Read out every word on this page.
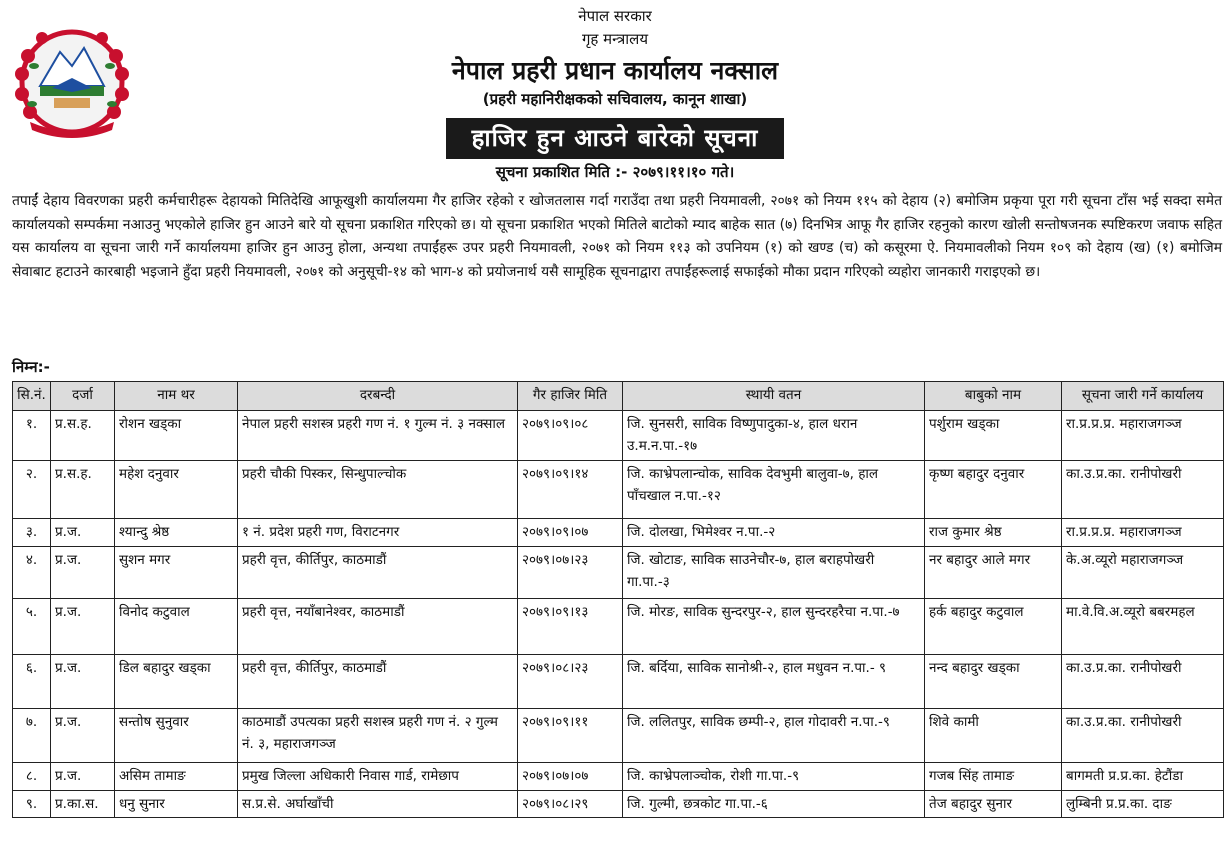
नेपाल सरकार
गृह मन्त्रालय
नेपाल प्रहरी प्रधान कार्यालय नक्साल
(प्रहरी महानिरीक्षकको सचिवालय, कानून शाखा)
हाजिर हुन आउने बारेको सूचना
सूचना प्रकाशित मिति :- २०७९।११।१० गते।

तपाईं देहाय विवरणका प्रहरी कर्मचारीहरू देहायको मितिदेखि आफूखुशी कार्यालयमा गैर हाजिर रहेको र खोजतलास गर्दा गराउँदा तथा प्रहरी नियमावली, २०७१ को नियम ११५ को देहाय (२) बमोजिम प्रकृया पूरा गरी सूचना टाँस भई सक्दा समेत कार्यालयको सम्पर्कमा नआउनु भएकोले हाजिर हुन आउने बारे यो सूचना प्रकाशित गरिएको छ। यो सूचना प्रकाशित भएको मितिले बाटोको म्याद बाहेक सात (७) दिनभित्र आफू गैर हाजिर रहनुको कारण खोली सन्तोषजनक स्पष्टिकरण जवाफ सहित यस कार्यालय वा सूचना जारी गर्ने कार्यालयमा हाजिर हुन आउनु होला, अन्यथा तपाईंहरू उपर प्रहरी नियमावली, २०७१ को नियम ११३ को उपनियम (१) को खण्ड (च) को कसूरमा ऐ. नियमावलीको नियम १०९ को देहाय (ख) (१) बमोजिम सेवाबाट हटाउने कारबाही भइजाने हुँदा प्रहरी नियमावली, २०७१ को अनुसूची-१४ को भाग-४ को प्रयोजनार्थ यसै सामूहिक सूचनाद्वारा तपाईंहरूलाई सफाईको मौका प्रदान गरिएको व्यहोरा जानकारी गराइएको छ।

निम्न:-
सि.नं.	दर्जा	नाम थर	दरबन्दी	गैर हाजिर मिति	स्थायी वतन	बाबुको नाम	सूचना जारी गर्ने कार्यालय
१.	प्र.स.ह.	रोशन खड्का	नेपाल प्रहरी सशस्त्र प्रहरी गण नं. १ गुल्म नं. ३ नक्साल	२०७९।०९।०८	जि. सुनसरी, साविक विष्णुपादुका-४, हाल धरान उ.म.न.पा.-१७	पर्शुराम खड्का	रा.प्र.प्र.प्र. महाराजगञ्ज
२.	प्र.स.ह.	महेश दनुवार	प्रहरी चौकी पिस्कर, सिन्धुपाल्चोक	२०७९।०९।१४	जि. काभ्रेपलान्चोक, साविक देवभुमी बालुवा-७, हाल पाँचखाल न.पा.-१२	कृष्ण बहादुर दनुवार	का.उ.प्र.का. रानीपोखरी
३.	प्र.ज.	श्यान्दु श्रेष्ठ	१ नं. प्रदेश प्रहरी गण, विराटनगर	२०७९।०९।०७	जि. दोलखा, भिमेश्वर न.पा.-२	राज कुमार श्रेष्ठ	रा.प्र.प्र.प्र. महाराजगञ्ज
४.	प्र.ज.	सुशन मगर	प्रहरी वृत्त, कीर्तिपुर, काठमाडौं	२०७९।०७।२३	जि. खोटाङ, साविक साउनेचौर-७, हाल बराहपोखरी गा.पा.-३	नर बहादुर आले मगर	के.अ.व्यूरो महाराजगञ्ज
५.	प्र.ज.	विनोद कटुवाल	प्रहरी वृत्त, नयाँबानेश्वर, काठमाडौं	२०७९।०९।१३	जि. मोरङ, साविक सुन्दरपुर-२, हाल सुन्दरहरैचा न.पा.-७	हर्क बहादुर कटुवाल	मा.वे.वि.अ.व्यूरो बबरमहल
६.	प्र.ज.	डिल बहादुर खड्का	प्रहरी वृत्त, कीर्तिपुर, काठमाडौं	२०७९।०८।२३	जि. बर्दिया, साविक सानोश्री-२, हाल मधुवन न.पा.- ९	नन्द बहादुर खड्का	का.उ.प्र.का. रानीपोखरी
७.	प्र.ज.	सन्तोष सुनुवार	काठमाडौं उपत्यका प्रहरी सशस्त्र प्रहरी गण नं. २ गुल्म नं. ३, महाराजगञ्ज	२०७९।०९।११	जि. ललितपुर, साविक छम्पी-२, हाल गोदावरी न.पा.-९	शिवे कामी	का.उ.प्र.का. रानीपोखरी
८.	प्र.ज.	असिम तामाङ	प्रमुख जिल्ला अधिकारी निवास गार्ड, रामेछाप	२०७९।०७।०७	जि. काभ्रेपलाञ्चोक, रोशी गा.पा.-९	गजब सिंह तामाङ	बागमती प्र.प्र.का. हेटौंडा
९.	प्र.का.स.	धनु सुनार	स.प्र.से. अर्घाखाँची	२०७९।०८।२९	जि. गुल्मी, छत्रकोट गा.पा.-६	तेज बहादुर सुनार	लुम्बिनी प्र.प्र.का. दाङ
